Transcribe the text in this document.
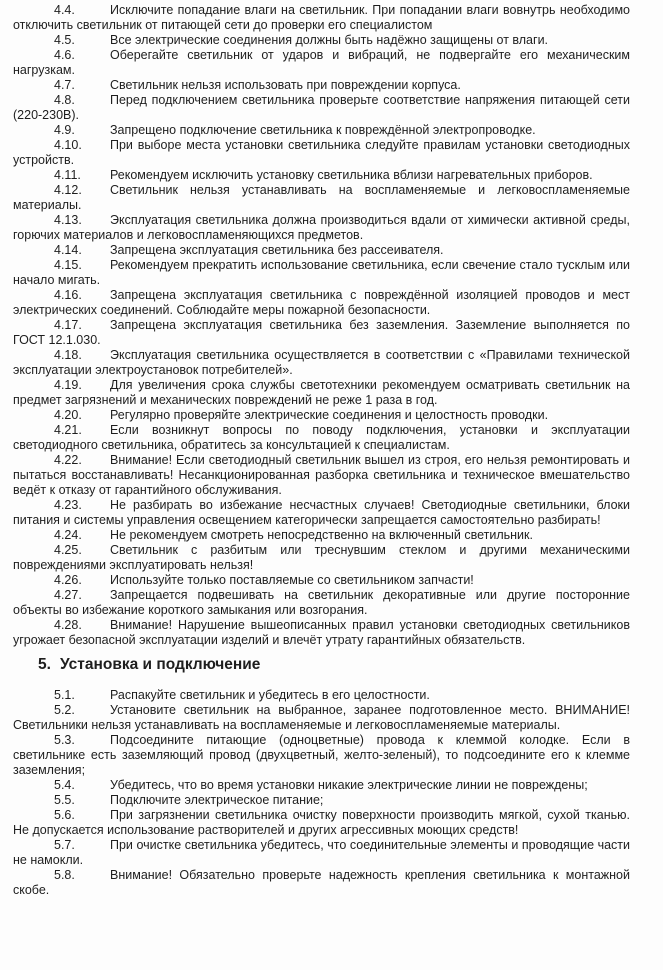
4.4.	Исключите попадание влаги на светильник. При попадании влаги вовнутрь необходимо отключить светильник от питающей сети до проверки его специалистом

4.5.	Все электрические соединения должны быть надёжно защищены от влаги.

4.6.	Оберегайте светильник от ударов и вибраций, не подвергайте его механическим нагрузкам.

4.7.	Светильник нельзя использовать при повреждении корпуса.

4.8.	Перед подключением светильника проверьте соответствие напряжения питающей сети (220-230В).

4.9.	Запрещено подключение светильника к повреждённой электропроводке.

4.10. При выборе места установки светильника следуйте правилам установки светодиодных устройств.

4.11. Рекомендуем исключить установку светильника вблизи нагревательных приборов.

4.12. Светильник нельзя устанавливать на воспламеняемые и легковоспламеняемые материалы.

4.13. Эксплуатация светильника должна производиться вдали от химически активной среды, горючих материалов и легковоспламеняющихся предметов.

4.14. Запрещена эксплуатация светильника без рассеивателя.

4.15. Рекомендуем прекратить использование светильника, если свечение стало тусклым или начало мигать.

4.16. Запрещена эксплуатация светильника с повреждённой изоляцией проводов и мест электрических соединений. Соблюдайте меры пожарной безопасности.

4.17. Запрещена эксплуатация светильника без заземления. Заземление выполняется по ГОСТ 12.1.030.

4.18. Эксплуатация светильника осуществляется в соответствии с «Правилами технической эксплуатации электроустановок потребителей».

4.19. Для увеличения срока службы светотехники рекомендуем осматривать светильник на предмет загрязнений и механических повреждений не реже 1 раза в год.

4.20. Регулярно проверяйте электрические соединения и целостность проводки.

4.21. Если возникнут вопросы по поводу подключения, установки и эксплуатации светодиодного светильника, обратитесь за консультацией к специалистам.

4.22. Внимание! Если светодиодный светильник вышел из строя, его нельзя ремонтировать и пытаться восстанавливать! Несанкционированная разборка светильника и техническое вмешательство ведёт к отказу от гарантийного обслуживания.

4.23. Не разбирать во избежание несчастных случаев! Светодиодные светильники, блоки питания и системы управления освещением категорически запрещается самостоятельно разбирать!

4.24. Не рекомендуем смотреть непосредственно на включенный светильник.

4.25. Светильник с разбитым или треснувшим стеклом и другими механическими повреждениями эксплуатировать нельзя!

4.26. Используйте только поставляемые со светильником запчасти!

4.27. Запрещается подвешивать на светильник декоративные или другие посторонние объекты во избежание короткого замыкания или возгорания.

4.28. Внимание! Нарушение вышеописанных правил установки светодиодных светильников угрожает безопасной эксплуатации изделий и влечёт утрату гарантийных обязательств.

5. Установка и подключение

5.1.	Распакуйте светильник и убедитесь в его целостности.

5.2.	Установите светильник на выбранное, заранее подготовленное место. ВНИМАНИЕ! Светильники нельзя устанавливать на воспламеняемые и легковоспламеняемые материалы.

5.3.	Подсоедините питающие (одноцветные) провода к клеммой колодке. Если в светильнике есть заземляющий провод (двухцветный, желто-зеленый), то подсоедините его к клемме заземления;

5.4.	Убедитесь, что во время установки никакие электрические линии не повреждены;

5.5.	Подключите электрическое питание;

5.6.	При загрязнении светильника очистку поверхности производить мягкой, сухой тканью. Не допускается использование растворителей и других агрессивных моющих средств!

5.7.	При очистке светильника убедитесь, что соединительные элементы и проводящие части не намокли.

5.8.	Внимание! Обязательно проверьте надежность крепления светильника к монтажной скобе.
